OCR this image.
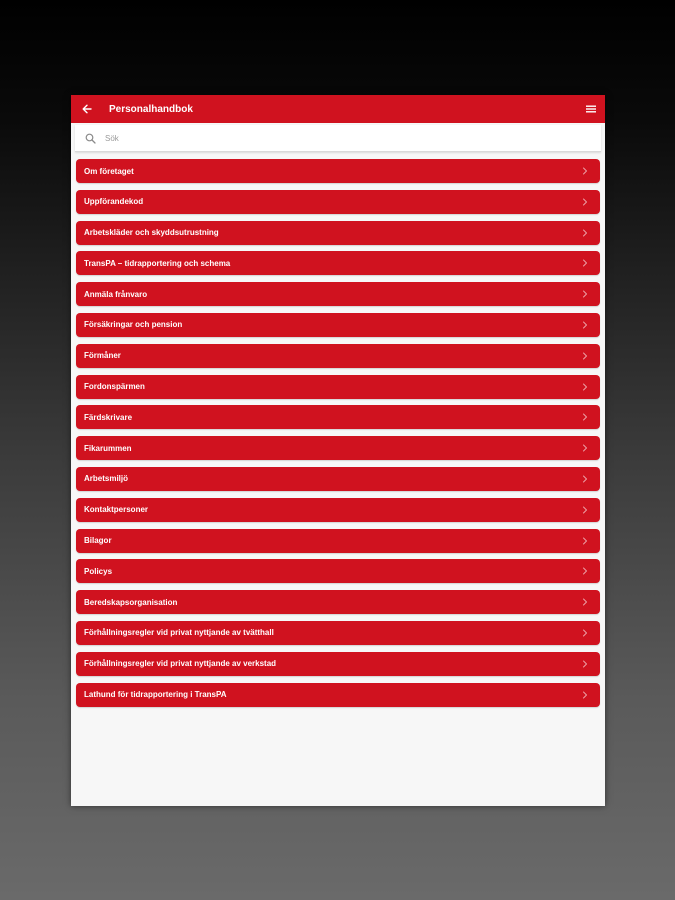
Personalhandbok
Sök
Om företaget
Uppförandekod
Arbetskläder och skyddsutrustning
TransPA – tidrapportering och schema
Anmäla frånvaro
Försäkringar och pension
Förmåner
Fordonspärmen
Färdskrivare
Fikarummen
Arbetsmiljö
Kontaktpersoner
Bilagor
Policys
Beredskapsorganisation
Förhållningsregler vid privat nyttjande av tvätthall
Förhållningsregler vid privat nyttjande av verkstad
Lathund för tidrapportering i TransPA
